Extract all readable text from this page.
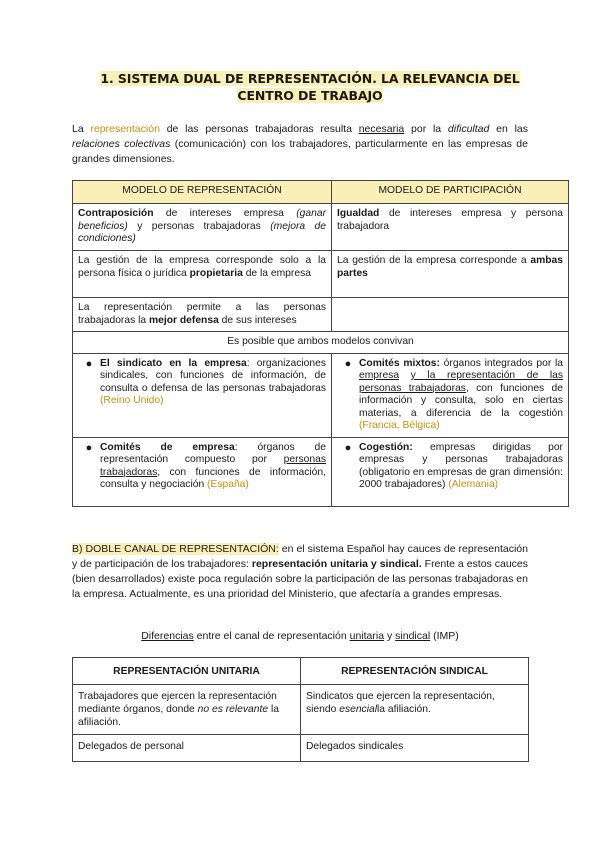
1. SISTEMA DUAL DE REPRESENTACIÓN. LA RELEVANCIA DEL
CENTRO DE TRABAJO
La representación de las personas trabajadoras resulta necesaria por la dificultad en las relaciones colectivas (comunicación) con los trabajadores, particularmente en las empresas de grandes dimensiones.
MODELO DE REPRESENTACIÓN	MODELO DE PARTICIPACIÓN
Contraposición de intereses empresa (ganar beneficios) y personas trabajadoras (mejora de condiciones)	Igualdad de intereses empresa y persona trabajadora
La gestión de la empresa corresponde solo a la persona física o jurídica propietaria de la empresa	La gestión de la empresa corresponde a ambas partes
La representación permite a las personas trabajadoras la mejor defensa de sus intereses	
Es posible que ambos modelos convivan	

● El sindicato en la empresa: organizaciones sindicales, con funciones de información, de consulta o defensa de las personas trabajadoras (Reino Unido)	● Comités mixtos: órganos integrados por la empresa y la representación de las personas trabajadoras, con funciones de información y consulta, solo en ciertas materias, a diferencia de la cogestión (Francia, Bélgica)

● Comités de empresa: órganos de representación compuesto por personas trabajadoras, con funciones de información, consulta y negociación (España)	● Cogestión: empresas dirigidas por empresas y personas trabajadoras (obligatorio en empresas de gran dimensión: 2000 trabajadores) (Alemania)
B) DOBLE CANAL DE REPRESENTACIÓN: en el sistema Español hay cauces de representación y de participación de los trabajadores: representación unitaria y sindical. Frente a estos cauces (bien desarrollados) existe poca regulación sobre la participación de las personas trabajadoras en la empresa. Actualmente, es una prioridad del Ministerio, que afectaría a grandes empresas.
Diferencias entre el canal de representación unitaria y sindical (IMP)
REPRESENTACIÓN UNITARIA	REPRESENTACIÓN SINDICAL
Trabajadores que ejercen la representación mediante órganos, donde no es relevante la afiliación.	Sindicatos que ejercen la representación, siendo esencialla afiliación.
Delegados de personal	Delegados sindicales
